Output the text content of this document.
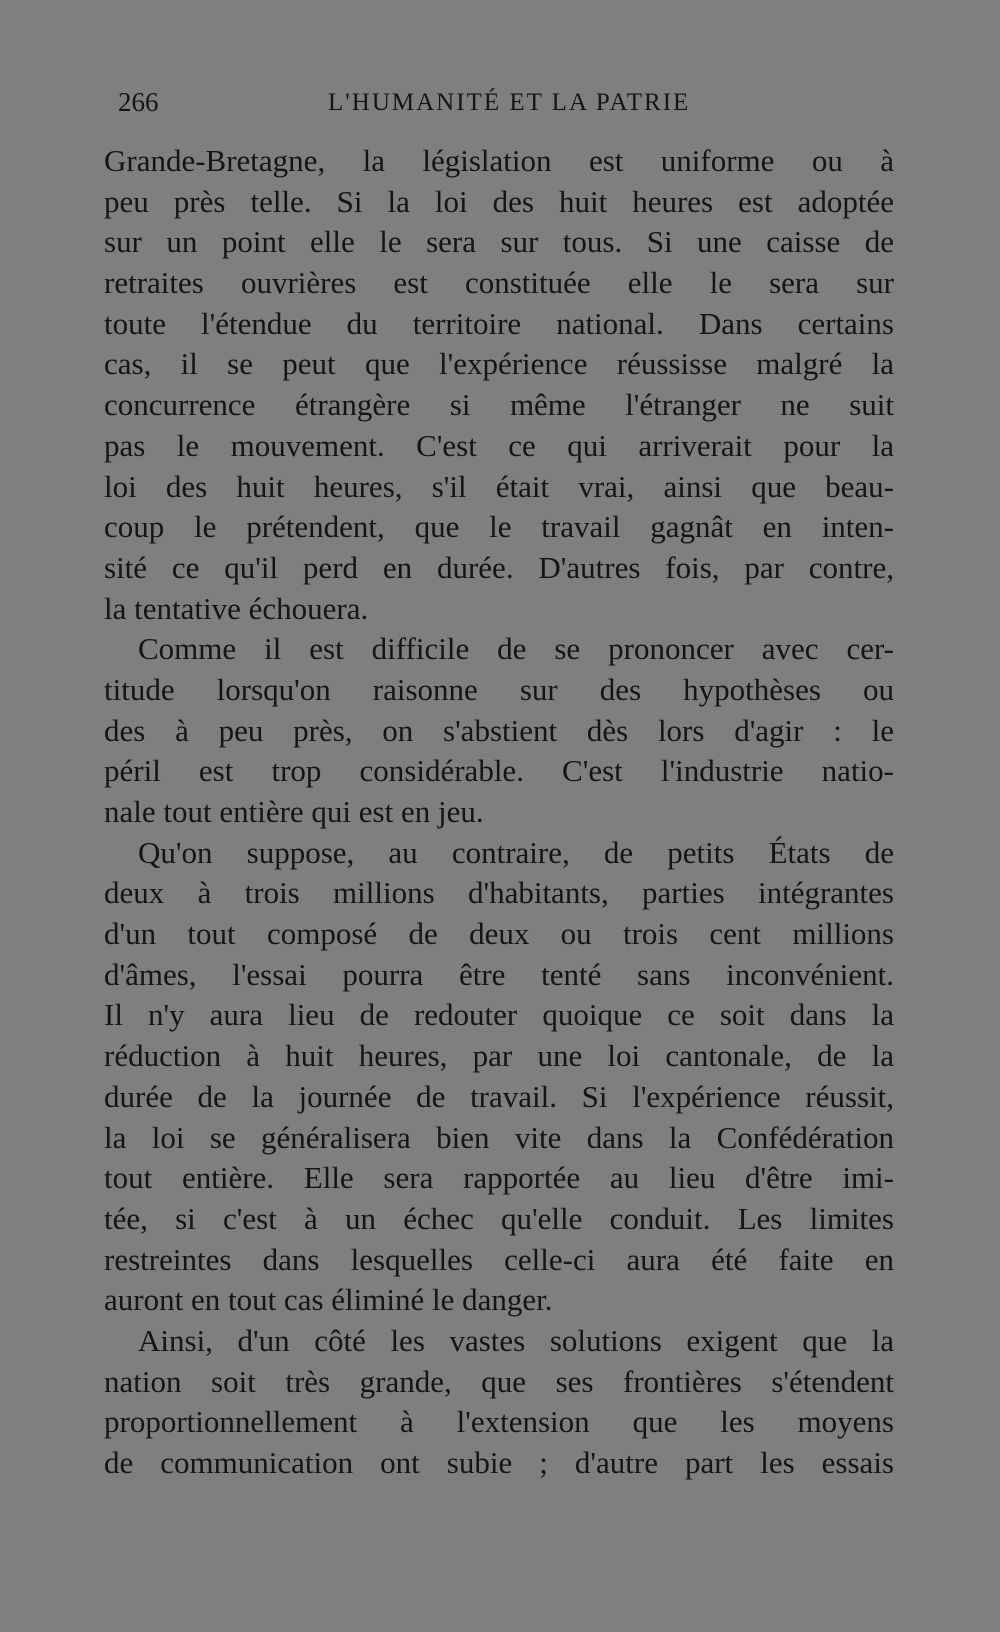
266	L'HUMANITÉ ET LA PATRIE
Grande-Bretagne, la législation est uniforme ou à
peu près telle. Si la loi des huit heures est adoptée
sur un point elle le sera sur tous. Si une caisse de
retraites ouvrières est constituée elle le sera sur
toute l'étendue du territoire national. Dans certains
cas, il se peut que l'expérience réussisse malgré la
concurrence étrangère si même l'étranger ne suit
pas le mouvement. C'est ce qui arriverait pour la
loi des huit heures, s'il était vrai, ainsi que beau-
coup le prétendent, que le travail gagnât en inten-
sité ce qu'il perd en durée. D'autres fois, par contre,
la tentative échouera.
Comme il est difficile de se prononcer avec cer-
titude lorsqu'on raisonne sur des hypothèses ou
des à peu près, on s'abstient dès lors d'agir : le
péril est trop considérable. C'est l'industrie natio-
nale tout entière qui est en jeu.
Qu'on suppose, au contraire, de petits États de
deux à trois millions d'habitants, parties intégrantes
d'un tout composé de deux ou trois cent millions
d'âmes, l'essai pourra être tenté sans inconvénient.
Il n'y aura lieu de redouter quoique ce soit dans la
réduction à huit heures, par une loi cantonale, de la
durée de la journée de travail. Si l'expérience réussit,
la loi se généralisera bien vite dans la Confédération
tout entière. Elle sera rapportée au lieu d'être imi-
tée, si c'est à un échec qu'elle conduit. Les limites
restreintes dans lesquelles celle-ci aura été faite en
auront en tout cas éliminé le danger.
Ainsi, d'un côté les vastes solutions exigent que la
nation soit très grande, que ses frontières s'étendent
proportionnellement à l'extension que les moyens
de communication ont subie ; d'autre part les essais
